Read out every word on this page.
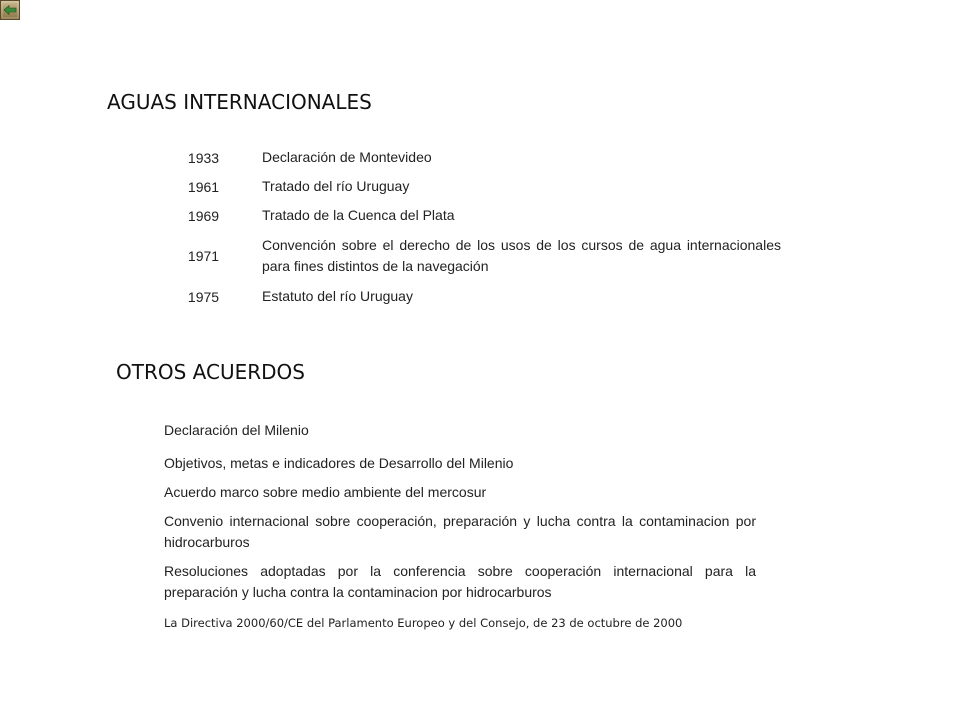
AGUAS INTERNACIONALES
1933	Declaración de Montevideo
1961	Tratado del río Uruguay
1969	Tratado de la Cuenca del Plata
1971	Convención sobre el derecho de los usos de los cursos de agua internacionales para fines distintos de la navegación
1975	Estatuto del río Uruguay
OTROS ACUERDOS

Declaración del Milenio

Objetivos, metas e indicadores de Desarrollo del Milenio

Acuerdo marco sobre medio ambiente del mercosur

Convenio internacional sobre cooperación, preparación y lucha contra la contaminacion por hidrocarburos

Resoluciones adoptadas por la conferencia sobre cooperación internacional para la preparación y lucha contra la contaminacion por hidrocarburos

La Directiva 2000/60/CE del Parlamento Europeo y del Consejo, de 23 de octubre de 2000
